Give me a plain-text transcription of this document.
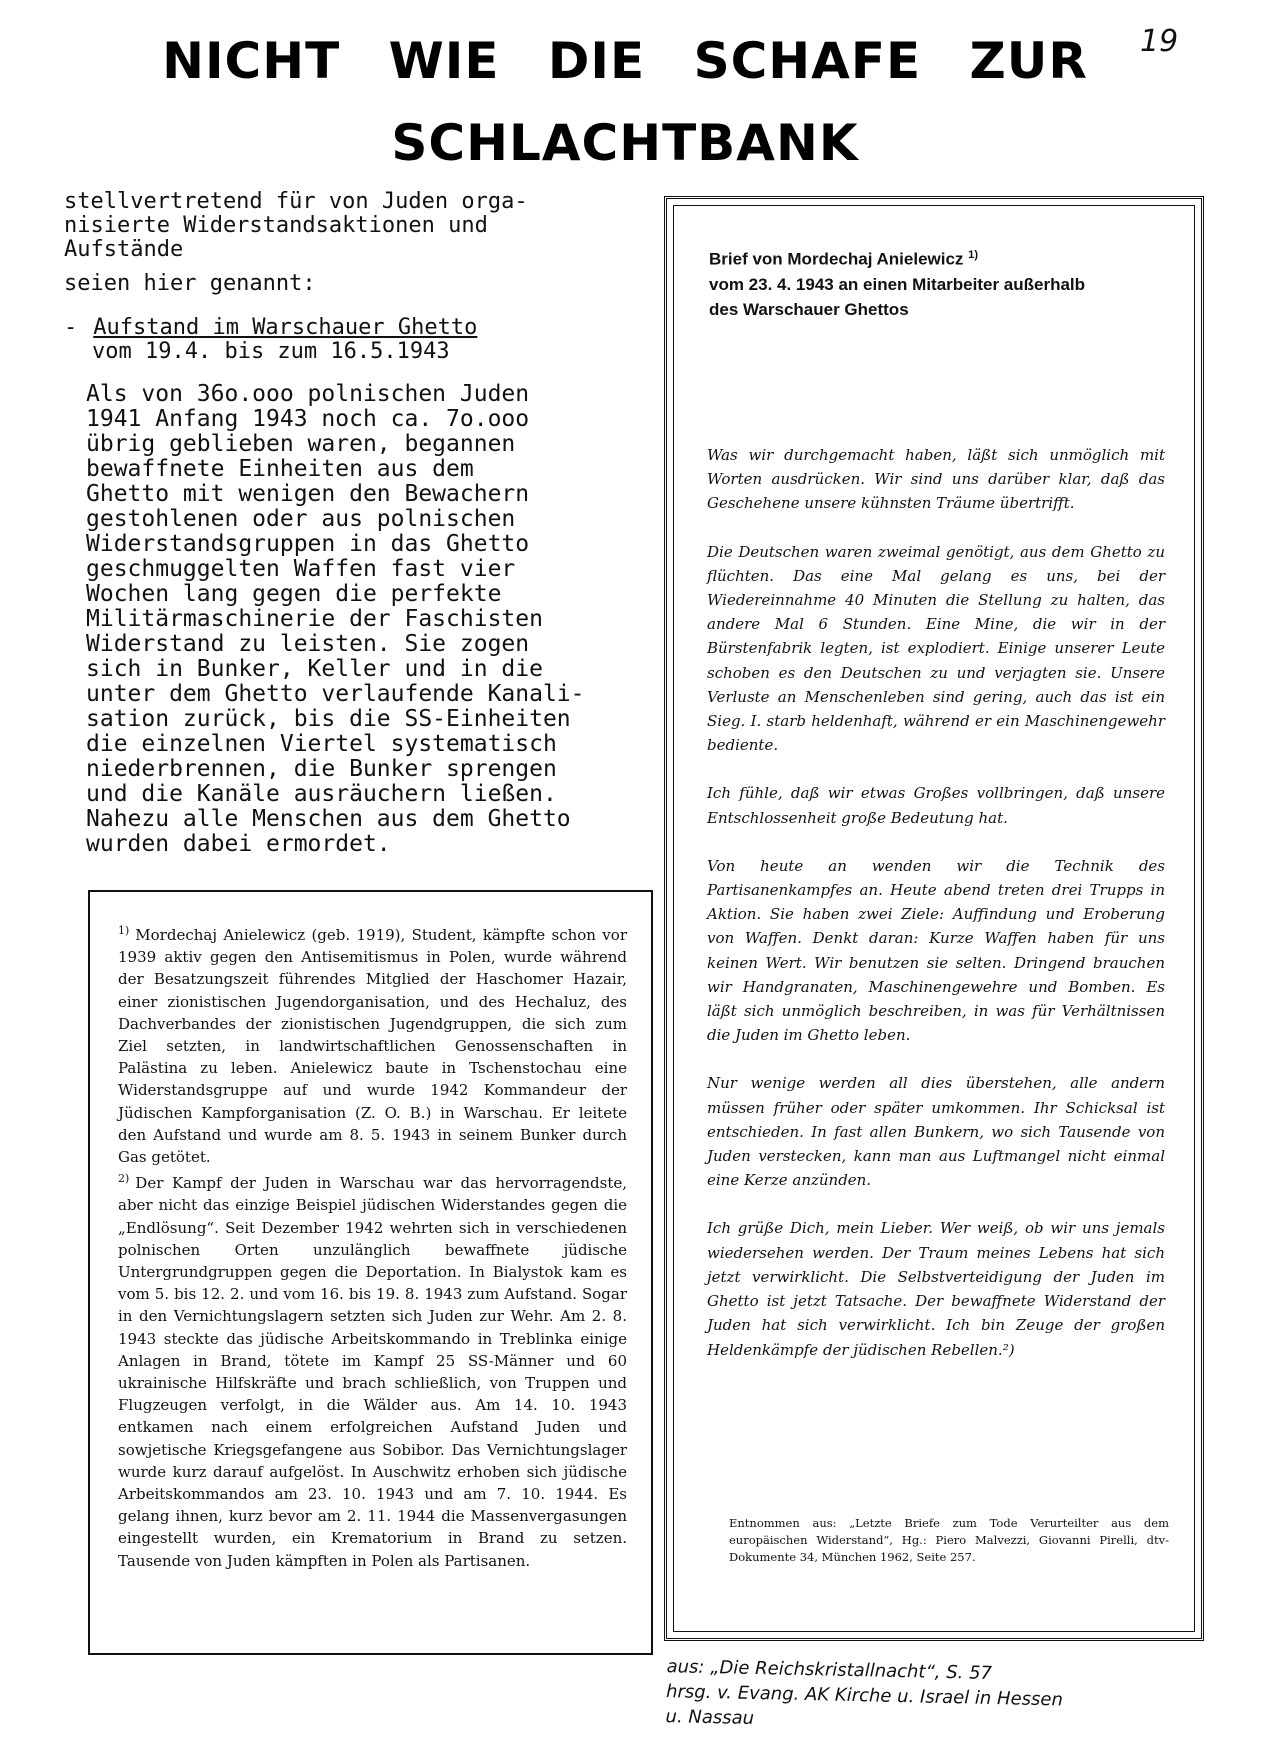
NICHT WIE DIE SCHAFE ZUR
SCHLACHTBANK
19

stellvertretend für von Juden orga-

nisierte Widerstandsaktionen und

Aufstände

seien hier genannt:

- Aufstand im Warschauer Ghetto
vom 19.4. bis zum 16.5.1943
Als von 36o.ooo polnischen Juden
1941 Anfang 1943 noch ca. 7o.ooo
übrig geblieben waren, begannen
bewaffnete Einheiten aus dem
Ghetto mit wenigen den Bewachern
gestohlenen oder aus polnischen
Widerstandsgruppen in das Ghetto
geschmuggelten Waffen fast vier
Wochen lang gegen die perfekte
Militärmaschinerie der Faschisten
Widerstand zu leisten. Sie zogen
sich in Bunker, Keller und in die
unter dem Ghetto verlaufende Kanali-
sation zurück, bis die SS-Einheiten
die einzelnen Viertel systematisch
niederbrennen, die Bunker sprengen
und die Kanäle ausräuchern ließen.
Nahezu alle Menschen aus dem Ghetto
wurden dabei ermordet.

$^{1)}$ Mordechaj Anielewicz (geb. 1919), Student, kämpfte schon vor 1939 aktiv gegen den Antisemitismus in Polen, wurde während der Besatzungszeit führendes Mitglied der Haschomer Hazair, einer zionistischen Jugendorganisation, und des Hechaluz, des Dachverbandes der zionistischen Jugendgruppen, die sich zum Ziel setzten, in landwirtschaftlichen Genossenschaften in Palästina zu leben. Anielewicz baute in Tschenstochau eine Widerstandsgruppe auf und wurde 1942 Kommandeur der Jüdischen Kampforganisation (Z. O. B.) in Warschau. Er leitete den Aufstand und wurde am 8. 5. 1943 in seinem Bunker durch Gas getötet.

$^{2)}$ Der Kampf der Juden in Warschau war das hervorragendste, aber nicht das einzige Beispiel jüdischen Widerstandes gegen die „Endlösung“. Seit Dezember 1942 wehrten sich in verschiedenen polnischen Orten unzulänglich bewaffnete jüdische Untergrundgruppen gegen die Deportation. In Bialystok kam es vom 5. bis 12. 2. und vom 16. bis 19. 8. 1943 zum Aufstand. Sogar in den Vernichtungslagern setzten sich Juden zur Wehr. Am 2. 8. 1943 steckte das jüdische Arbeitskommando in Treblinka einige Anlagen in Brand, tötete im Kampf 25 SS-Männer und 60 ukrainische Hilfskräfte und brach schließlich, von Truppen und Flugzeugen verfolgt, in die Wälder aus. Am 14. 10. 1943 entkamen nach einem erfolgreichen Aufstand Juden und sowjetische Kriegsgefangene aus Sobibor. Das Vernichtungslager wurde kurz darauf aufgelöst. In Auschwitz erhoben sich jüdische Arbeitskommandos am 23. 10. 1943 und am 7. 10. 1944. Es gelang ihnen, kurz bevor am 2. 11. 1944 die Massenvergasungen eingestellt wurden, ein Krematorium in Brand zu setzen. Tausende von Juden kämpften in Polen als Partisanen.

Brief von Mordechaj Anielewicz $^{1)}$
vom 23. 4. 1943 an einen Mitarbeiter außerhalb
des Warschauer Ghettos

Was wir durchgemacht haben, läßt sich unmöglich mit Worten ausdrücken. Wir sind uns darüber klar, daß das Geschehene unsere kühnsten Träume übertrifft.

Die Deutschen waren zweimal genötigt, aus dem Ghetto zu flüchten. Das eine Mal gelang es uns, bei der Wiedereinnahme 40 Minuten die Stellung zu halten, das andere Mal 6 Stunden. Eine Mine, die wir in der Bürstenfabrik legten, ist explodiert. Einige unserer Leute schoben es den Deutschen zu und verjagten sie. Unsere Verluste an Menschenleben sind gering, auch das ist ein Sieg. I. starb heldenhaft, während er ein Maschinengewehr bediente.

Ich fühle, daß wir etwas Großes vollbringen, daß unsere Entschlossenheit große Bedeutung hat.

Von heute an wenden wir die Technik des Partisanenkampfes an. Heute abend treten drei Trupps in Aktion. Sie haben zwei Ziele: Auffindung und Eroberung von Waffen. Denkt daran: Kurze Waffen haben für uns keinen Wert. Wir benutzen sie selten. Dringend brauchen wir Handgranaten, Maschinengewehre und Bomben. Es läßt sich unmöglich beschreiben, in was für Verhältnissen die Juden im Ghetto leben.

Nur wenige werden all dies überstehen, alle andern müssen früher oder später umkommen. Ihr Schicksal ist entschieden. In fast allen Bunkern, wo sich Tausende von Juden verstecken, kann man aus Luftmangel nicht einmal eine Kerze anzünden.

Ich grüße Dich, mein Lieber. Wer weiß, ob wir uns jemals wiedersehen werden. Der Traum meines Lebens hat sich jetzt verwirklicht. Die Selbstverteidigung der Juden im Ghetto ist jetzt Tatsache. Der bewaffnete Widerstand der Juden hat sich verwirklicht. Ich bin Zeuge der großen Heldenkämpfe der jüdischen Rebellen.²)

Entnommen aus: „Letzte Briefe zum Tode Verurteilter aus dem europäischen Widerstand“, Hg.: Piero Malvezzi, Giovanni Pirelli, dtv-Dokumente 34, München 1962, Seite 257.

aus: „Die Reichskristallnacht“, S. 57

hrsg. v. Evang. AK Kirche u. Israel in Hessen

u. Nassau
